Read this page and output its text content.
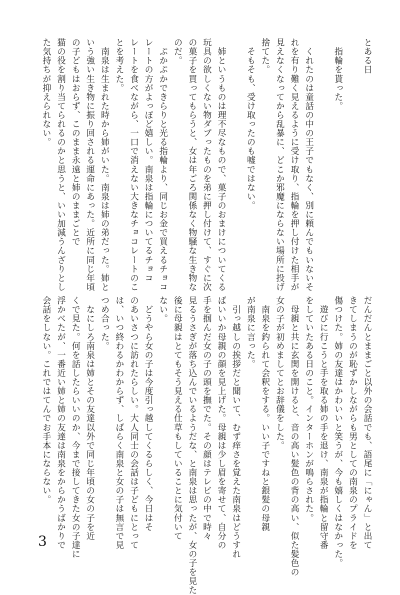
とある日

　指輪を貰った。

　くれたのは童話の中の王子でもなく、別に頼んでもいないそ
れを有り難く見えるように受け取り、指輪を押し付けた相手が
見えなくなってから乱暴に、どこか邪魔にならない場所に投げ
捨てた。
　そもそも、受け取ったのも嘘ではない。

　姉というものは理不尽なもので、菓子のおまけについてくる
玩具の欲しくない物ダブったものを弟に押し付けて、すぐに次
の菓子を買ってもらうと、女は年ごろ関係なく物騒な生き物な
のだ。
　ぷかぷかできらりと光る指輪より、同じお金で買えるチョコ
レートの方がよっぽど嬉しい。南泉は指輪についてるチョコ
レートを食べながら、一口で消えない大きなチョコレートのこ
とを考えた。
　南泉は生まれた時から姉がいた。南泉は姉の弟だった。姉と
いう強い生き物に振り回される運命にあった。近所に同じ年頃
の子どもはおらず、このまま永遠と姉のままごとで
猫の役を割り当てられるのかと思うと、いい加減うんざりとし
た気持ちが抑えられない。
だんだんとままごと以外の会話でも、語尾に「にゃん」と出て
きてしまうのが恥ずかしながらも男としての南泉のプライドを
傷つけた。姉の友達はかわいいと笑うが、今も嬉しくはなかった。
　遊びに行こうと手を取る姉の手を退け、南泉が指輪と留守番
をしていたある日のこと。インターホンが鳴らされた。
　母親と共に玄関を開けると、音の高い髪色の背の高い、似た髪色の
女の子が初めましてとお辞儀をした。
　南泉を釣られて会釈をする。いい子ですねと銀髪の母親
が南泉に言った。
　引っ越しの挨拶だと聞いて、むず痒さを覚えた南泉はどうすれ
ばいいか母親の顔を見上げた。母親は少し眉を寄せて、自分の
手を掴んだ女の子の頭を撫でた。その顔はテレビの中で時々
見るうさぎが落ち込んでいるようだな、と南泉は思ったが、女の子を見た
後に母親はとてもそう見える仕草もしていることに気付いて
ない。
　どうやら女の子は今度引っ越してくるらしく、今日はそ
のあいさつに訪れたらしい。大人同士の会話は子どもにとって
は、いつ終わるかわからず、しばらく南泉と女の子は無言で見
つめ合った。
　なにしろ南泉は姉とその友達以外で同じ年頃の女の子を近
くで見た。何を話したらいいのか、今まで接してきた女の子達に
浮かべたが、一番近い姉と姉の友達は南泉をからかうばかりで
会話をしない。これではてんでお手本にならない。
3
